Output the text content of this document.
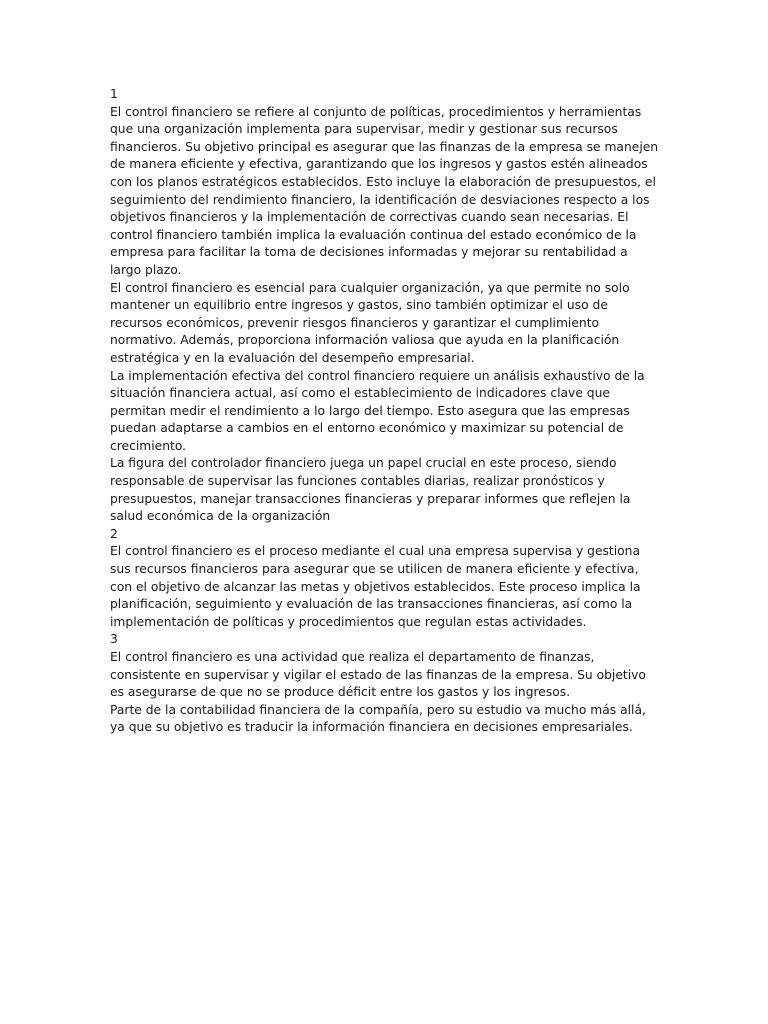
1

El control financiero se refiere al conjunto de políticas, procedimientos y herramientas que una organización implementa para supervisar, medir y gestionar sus recursos financieros. Su objetivo principal es asegurar que las finanzas de la empresa se manejen de manera eficiente y efectiva, garantizando que los ingresos y gastos estén alineados con los planos estratégicos establecidos. Esto incluye la elaboración de presupuestos, el seguimiento del rendimiento financiero, la identificación de desviaciones respecto a los objetivos financieros y la implementación de correctivas cuando sean necesarias. El control financiero también implica la evaluación continua del estado económico de la empresa para facilitar la toma de decisiones informadas y mejorar su rentabilidad a largo plazo.

El control financiero es esencial para cualquier organización, ya que permite no solo mantener un equilibrio entre ingresos y gastos, sino también optimizar el uso de recursos económicos, prevenir riesgos financieros y garantizar el cumplimiento normativo. Además, proporciona información valiosa que ayuda en la planificación estratégica y en la evaluación del desempeño empresarial.

La implementación efectiva del control financiero requiere un análisis exhaustivo de la situación financiera actual, así como el establecimiento de indicadores clave que permitan medir el rendimiento a lo largo del tiempo. Esto asegura que las empresas puedan adaptarse a cambios en el entorno económico y maximizar su potencial de crecimiento.

La figura del controlador financiero juega un papel crucial en este proceso, siendo responsable de supervisar las funciones contables diarias, realizar pronósticos y presupuestos, manejar transacciones financieras y preparar informes que reflejen la salud económica de la organización

2

El control financiero es el proceso mediante el cual una empresa supervisa y gestiona sus recursos financieros para asegurar que se utilicen de manera eficiente y efectiva, con el objetivo de alcanzar las metas y objetivos establecidos. Este proceso implica la planificación, seguimiento y evaluación de las transacciones financieras, así como la implementación de políticas y procedimientos que regulan estas actividades.

3

El control financiero es una actividad que realiza el departamento de finanzas, consistente en supervisar y vigilar el estado de las finanzas de la empresa. Su objetivo es asegurarse de que no se produce déficit entre los gastos y los ingresos.

Parte de la contabilidad financiera de la compañía, pero su estudio va mucho más allá, ya que su objetivo es traducir la información financiera en decisiones empresariales.
